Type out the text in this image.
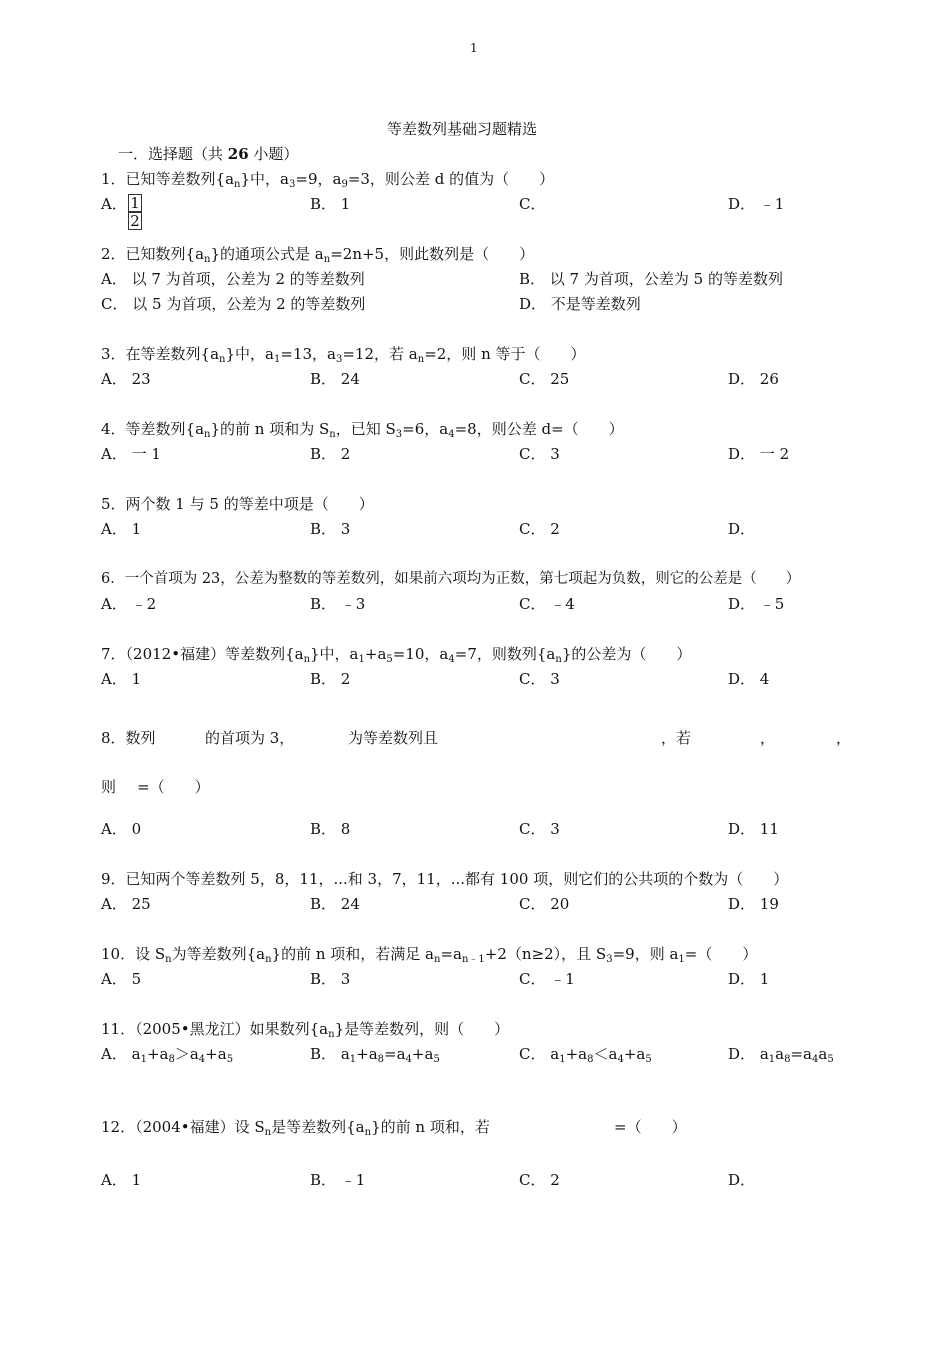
1
等差数列基础习题精选
一．选择题（共 26 小题）
1．已知等差数列$\{a_n\}$中，$a_3=9$，$a_9=3$，则公差 d 的值为（　　）
A． $\frac{1}{2}$	B． 1	C．	D． ﹣1
2．已知数列$\{a_n\}$的通项公式是 $a_n=2n+5$，则此数列是（　　）
A． 以 7 为首项，公差为 2 的等差数列	B． 以 7 为首项，公差为 5 的等差数列
C． 以 5 为首项，公差为 2 的等差数列	D． 不是等差数列
3．在等差数列$\{a_n\}$中，$a_1=13$，$a_3=12$，若 $a_n=2$，则 n 等于（　　）
A． 23	B． 24	C． 25	D． 26
4．等差数列$\{a_n\}$的前 n 项和为 $S_n$，已知 $S_3=6$，$a_4=8$，则公差 d=（　　）
A． 一 1	B． 2	C． 3	D． 一 2
5．两个数 1 与 5 的等差中项是（　　）
A． 1	B． 3	C． 2	D．
6．一个首项为 23，公差为整数的等差数列，如果前六项均为正数，第七项起为负数，则它的公差是（　　）
A． ﹣2	B． ﹣3	C． ﹣4	D． ﹣5
7．（2012•福建）等差数列$\{a_n\}$中，$a_1+a_5=10$，$a_4=7$，则数列$\{a_n\}$的公差为（　　）
A． 1	B． 2	C． 3	D． 4
8．数列	的首项为 3，	为等差数列且	，若	，	，
则 =（　　）
A． 0	B． 8	C． 3	D． 11
9．已知两个等差数列 5，8，11，...和 3，7，11，...都有 100 项，则它们的公共项的个数为（　　）
A． 25	B． 24	C． 20	D． 19
10．设 $S_n$为等差数列$\{a_n\}$的前 n 项和，若满足 $a_n=a_{n﹣1}+2(n\ge 2)$，且 $S_3=9$，则 $a_1=$（　　）
A． 5	B． 3	C． ﹣1	D． 1
11．（2005•黑龙江）如果数列$\{a_n\}$是等差数列，则（　　）
A． $a_1+a_8>a_4+a_5$	B． $a_1+a_8=a_4+a_5$	C． $a_1+a_8<a_4+a_5$	D． $a_1a_8=a_4a_5$
12．（2004•福建）设 $S_n$是等差数列$\{a_n\}$的前 n 项和，若	=（　　）
A． 1	B． ﹣1	C． 2	D．
